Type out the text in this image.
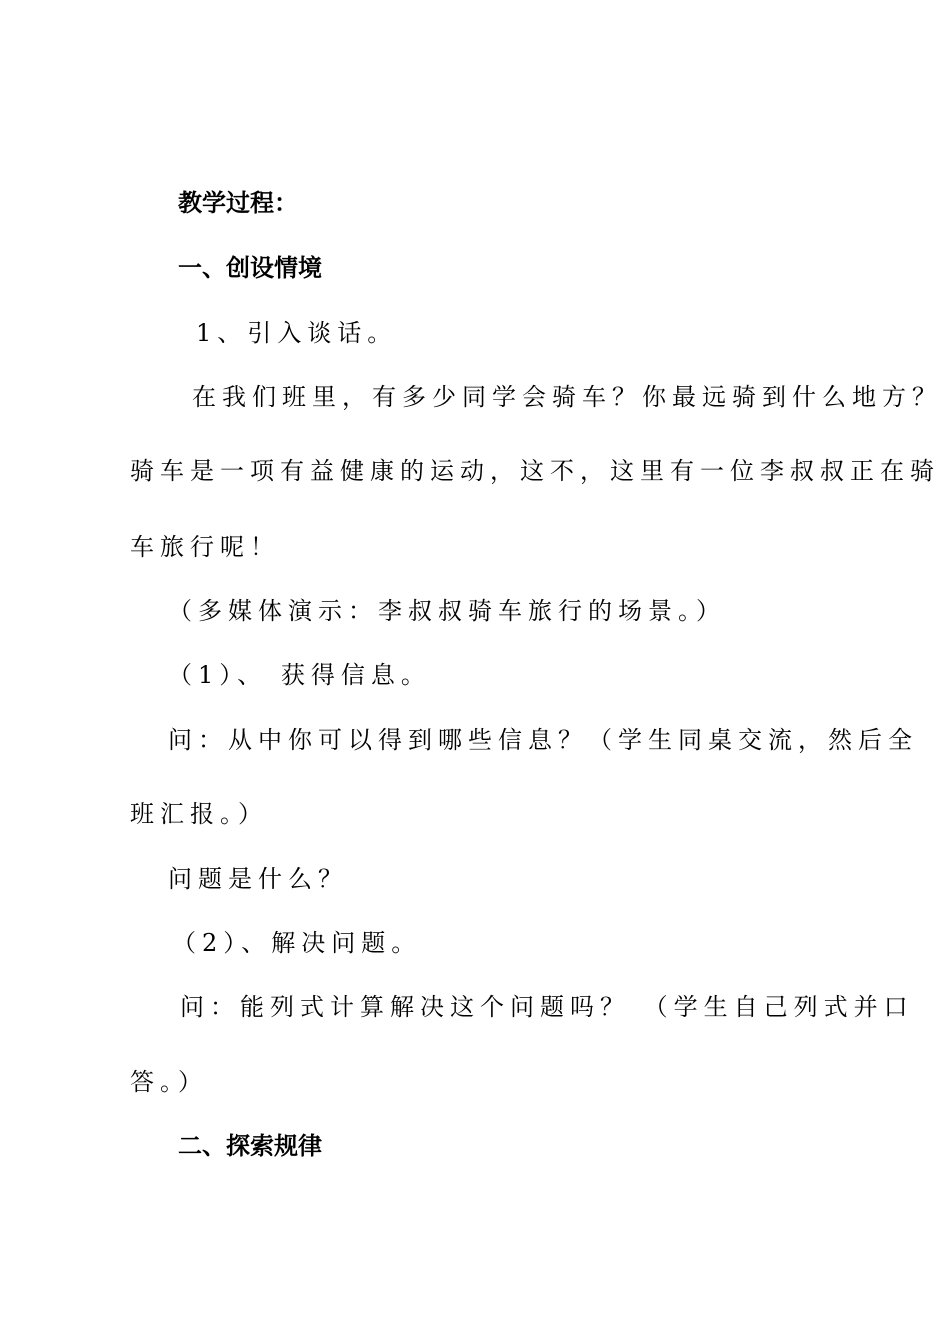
教学过程：
一、创设情境
1、引入谈话。
在我们班里，有多少同学会骑车？你最远骑到什么地方？
骑车是一项有益健康的运动，这不，这里有一位李叔叔正在骑
车旅行呢！
（多媒体演示：李叔叔骑车旅行的场景。）
（1）、 获得信息。
问：从中你可以得到哪些信息？（学生同桌交流，然后全
班汇报。）
问题是什么？
（2）、解决问题。
问：能列式计算解决这个问题吗？ （学生自己列式并口
答。）
二、探索规律
